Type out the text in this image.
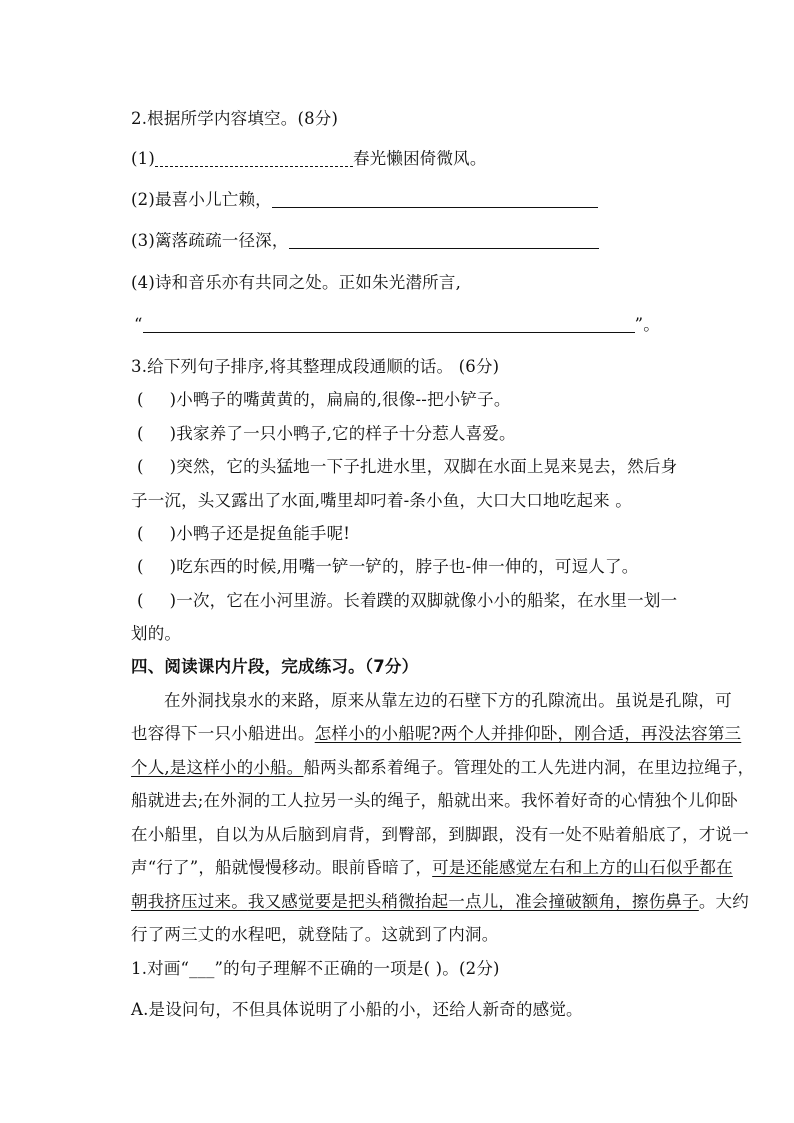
2.根据所学内容填空。(8分)
(1)	春光懒困倚微风。
(2)最喜小儿亡赖，
(3)篱落疏疏一径深，
(4)诗和音乐亦有共同之处。正如朱光潜所言,
“	”。
3.给下列句子排序,将其整理成段通顺的话。 (6分)
( )小鸭子的嘴黄黄的，扁扁的,很像--把小铲子。
( )我家养了一只小鸭子,它的样子十分惹人喜爱。
( )突然，它的头猛地一下子扎进水里，双脚在水面上晃来晃去，然后身
子一沉，头又露出了水面,嘴里却叼着-条小鱼，大口大口地吃起来 。
( )小鸭子还是捉鱼能手呢!
( )吃东西的时候,用嘴一铲一铲的，脖子也-伸一伸的，可逗人了。
( )一次，它在小河里游。长着蹼的双脚就像小小的船桨，在水里一划一
划的。
四、阅读课内片段，完成练习。（7分）
在外洞找泉水的来路，原来从靠左边的石壁下方的孔隙流出。虽说是孔隙，可
也容得下一只小船进出。怎样小的小船呢?两个人并排仰卧，刚合适，再没法容第三
个人,是这样小的小船。船两头都系着绳子。管理处的工人先进内洞，在里边拉绳子，
船就进去;在外洞的工人拉另一头的绳子，船就出来。我怀着好奇的心情独个儿仰卧
在小船里，自以为从后脑到肩背，到臀部，到脚跟，没有一处不贴着船底了，才说一
声“行了”，船就慢慢移动。眼前昏暗了，可是还能感觉左右和上方的山石似乎都在
朝我挤压过来。我又感觉要是把头稍微抬起一点儿，准会撞破额角，擦伤鼻子。大约
行了两三丈的水程吧，就登陆了。这就到了内洞。
1.对画“___”的句子理解不正确的一项是( )。(2分)
A.是设问句，不但具体说明了小船的小，还给人新奇的感觉。
